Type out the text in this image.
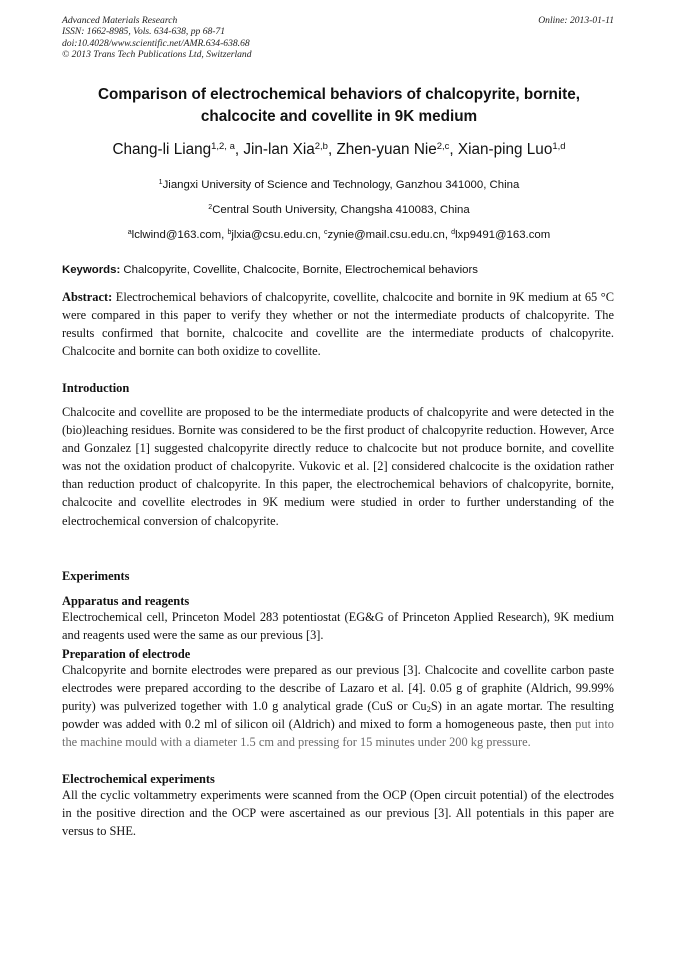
Advanced Materials Research
ISSN: 1662-8985, Vols. 634-638, pp 68-71
doi:10.4028/www.scientific.net/AMR.634-638.68
© 2013 Trans Tech Publications Ltd, Switzerland
Online: 2013-01-11
Comparison of electrochemical behaviors of chalcopyrite, bornite,
chalcocite and covellite in 9K medium
Chang-li Liang$^{1,2, a}$, Jin-lan Xia$^{2,b}$, Zhen-yuan Nie$^{2,c}$, Xian-ping Luo$^{1,d}$
$^1$Jiangxi University of Science and Technology, Ganzhou 341000, China
$^2$Central South University, Changsha 410083, China
$^a$lclwind@163.com, $^b$jlxia@csu.edu.cn, $^c$zynie@mail.csu.edu.cn, $^d$lxp9491@163.com
Keywords: Chalcopyrite, Covellite, Chalcocite, Bornite, Electrochemical behaviors
Abstract: Electrochemical behaviors of chalcopyrite, covellite, chalcocite and bornite in 9K medium at 65 °C were compared in this paper to verify they whether or not the intermediate products of chalcopyrite. The results confirmed that bornite, chalcocite and covellite are the intermediate products of chalcopyrite. Chalcocite and bornite can both oxidize to covellite.
Introduction
Chalcocite and covellite are proposed to be the intermediate products of chalcopyrite and were detected in the (bio)leaching residues. Bornite was considered to be the first product of chalcopyrite reduction. However, Arce and Gonzalez [1] suggested chalcopyrite directly reduce to chalcocite but not produce bornite, and covellite was not the oxidation product of chalcopyrite. Vukovic et al. [2] considered chalcocite is the oxidation rather than reduction product of chalcopyrite. In this paper, the electrochemical behaviors of chalcopyrite, bornite, chalcocite and covellite electrodes in 9K medium were studied in order to further understanding of the electrochemical conversion of chalcopyrite.
Experiments
Apparatus and reagents
Electrochemical cell, Princeton Model 283 potentiostat (EG&G of Princeton Applied Research), 9K medium and reagents used were the same as our previous [3].
Preparation of electrode
Chalcopyrite and bornite electrodes were prepared as our previous [3]. Chalcocite and covellite carbon paste electrodes were prepared according to the describe of Lazaro et al. [4]. 0.05 g of graphite (Aldrich, 99.99% purity) was pulverized together with 1.0 g analytical grade (CuS or $Cu_2S$) in an agate mortar. The resulting powder was added with 0.2 ml of silicon oil (Aldrich) and mixed to form a homogeneous paste, then put into the machine mould with a diameter 1.5 cm and pressing for 15 minutes under 200 kg pressure.
Electrochemical experiments
All the cyclic voltammetry experiments were scanned from the OCP (Open circuit potential) of the electrodes in the positive direction and the OCP were ascertained as our previous [3]. All potentials in this paper are versus to SHE.
